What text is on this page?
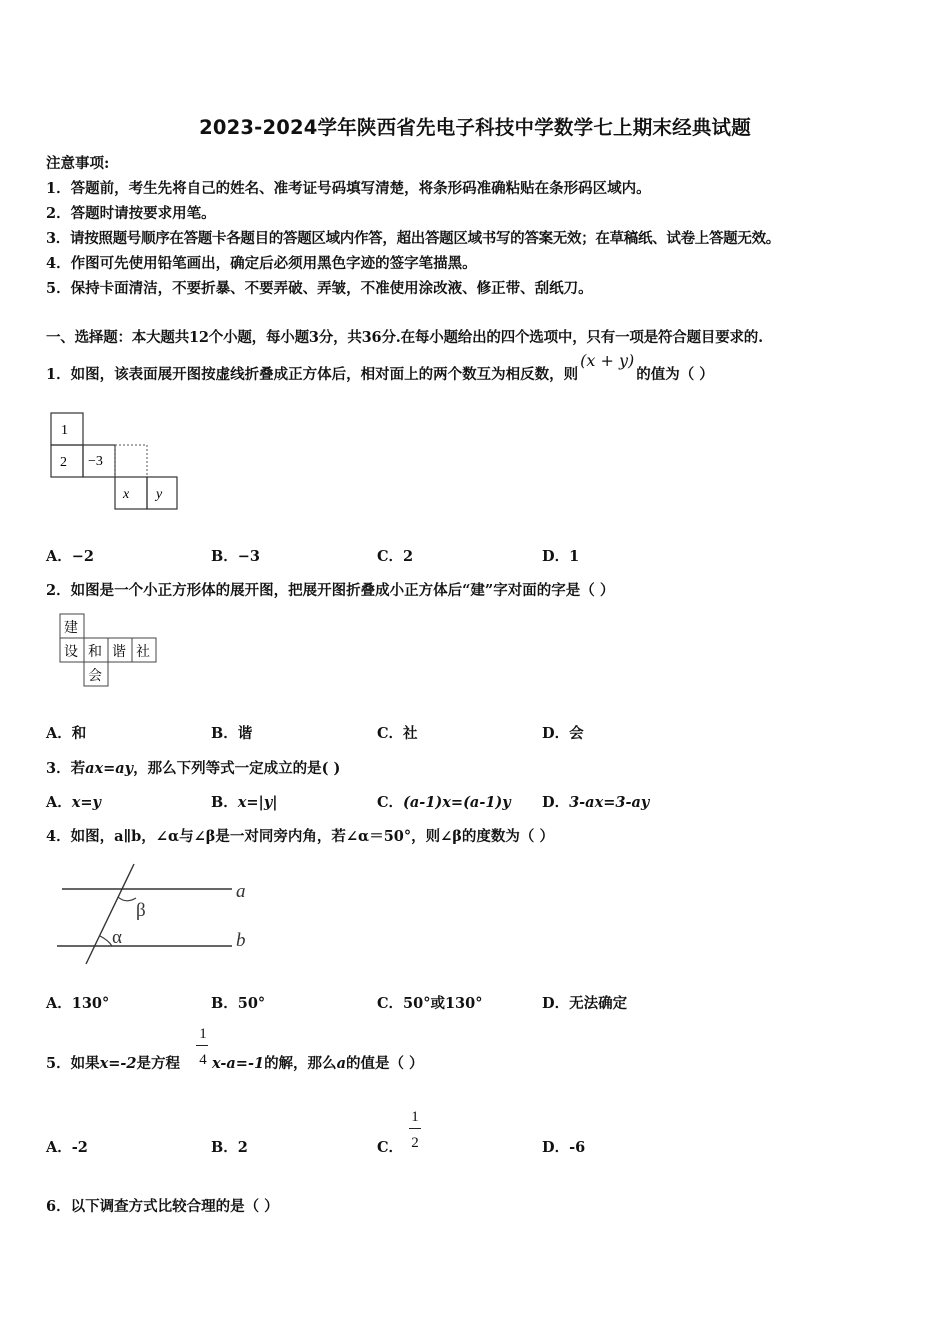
2023-2024学年陕西省先电子科技中学数学七上期末经典试题
注意事项:
1．答题前，考生先将自己的姓名、准考证号码填写清楚，将条形码准确粘贴在条形码区域内。
2．答题时请按要求用笔。
3．请按照题号顺序在答题卡各题目的答题区域内作答，超出答题区域书写的答案无效；在草稿纸、试卷上答题无效。
4．作图可先使用铅笔画出，确定后必须用黑色字迹的签字笔描黑。
5．保持卡面清洁，不要折暴、不要弄破、弄皱，不准使用涂改液、修正带、刮纸刀。
一、选择题：本大题共12个小题，每小题3分，共36分.在每小题给出的四个选项中，只有一项是符合题目要求的.
1．如图，该表面展开图按虚线折叠成正方体后，相对面上的两个数互为相反数，则(x + y)的值为（ ）
1
2 −3
x y
A．−2	B．−3	C．2	D．1
2．如图是一个小正方形体的展开图，把展开图折叠成小正方体后“建”字对面的字是（ ）
建
设 和 谐 社
会
A．和	B．谐	C．社	D．会
3．若ax=ay，那么下列等式一定成立的是( )
A．x=y	B．x=|y|	C．(a-1)x=(a-1)y D．3-ax=3-ay
4．如图，a∥b，∠α与∠β是一对同旁内角，若∠α＝50°，则∠β的度数为（ ）
a
b
β
α
A．130°	B．50°	C．50°或130°	D．无法确定
5．如果x=-2是方程
1
4 x-a=-1的解，那么a的值是（ ）
A．-2	B．2	C．
1
2	D．-6
6．以下调查方式比较合理的是（ ）
